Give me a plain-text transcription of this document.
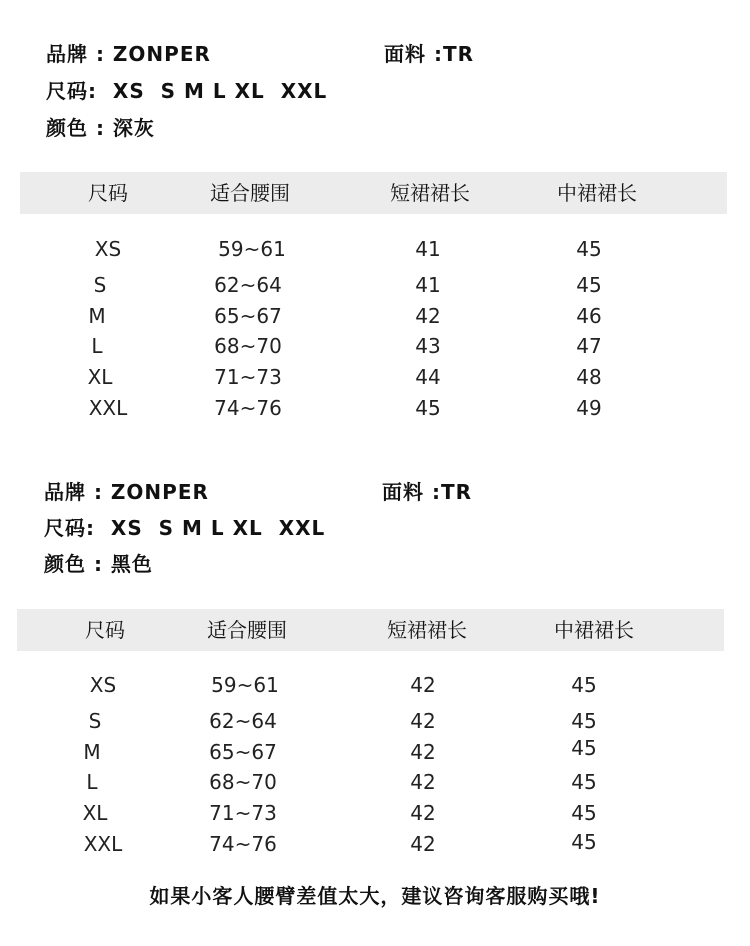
品牌 : ZONPER	面料 :TR
尺码:  XS  S M L XL  XXL
颜色 : 深灰
尺码	适合腰围	短裙裙长	中裙裙长
XS	59~61	41	45
S	62~64	41	45
M	65~67	42	46
L	68~70	43	47
XL	71~73	44	48
XXL	74~76	45	49
品牌 : ZONPER	面料 :TR
尺码:  XS  S M L XL  XXL
颜色 : 黑色
尺码	适合腰围	短裙裙长	中裙裙长
XS	59~61	42	45
S	62~64	42	45
M	65~67	42	45
L	68~70	42	45
XL	71~73	42	45
XXL	74~76	42	45
如果小客人腰臂差值太大，建议咨询客服购买哦!
